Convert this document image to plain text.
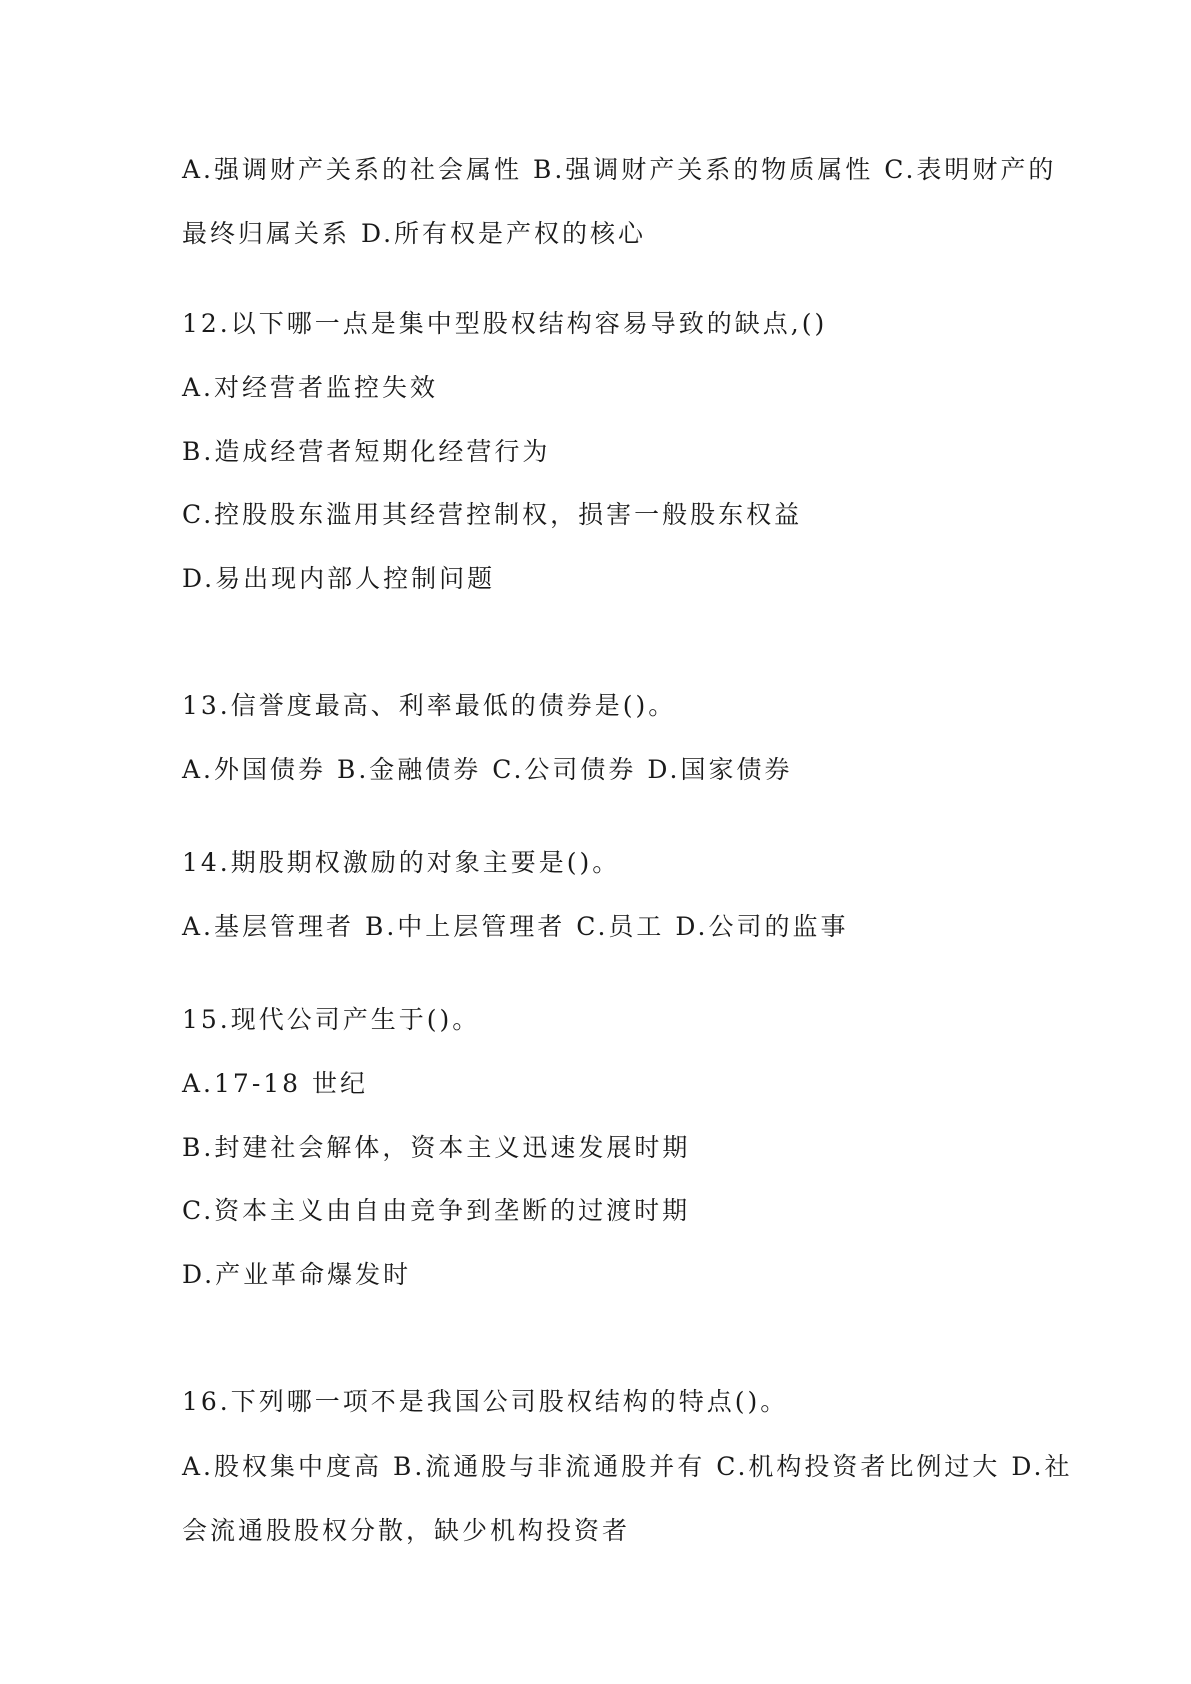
A.强调财产关系的社会属性 B.强调财产关系的物质属性 C.表明财产的
最终归属关系 D.所有权是产权的核心
12.以下哪一点是集中型股权结构容易导致的缺点,()
A.对经营者监控失效
B.造成经营者短期化经营行为
C.控股股东滥用其经营控制权，损害一般股东权益
D.易出现内部人控制问题
13.信誉度最高、利率最低的债券是()。
A.外国债券 B.金融债券 C.公司债券 D.国家债券
14.期股期权激励的对象主要是()。
A.基层管理者 B.中上层管理者 C.员工 D.公司的监事
15.现代公司产生于()。
A.17-18 世纪
B.封建社会解体，资本主义迅速发展时期
C.资本主义由自由竞争到垄断的过渡时期
D.产业革命爆发时
16.下列哪一项不是我国公司股权结构的特点()。
A.股权集中度高 B.流通股与非流通股并有 C.机构投资者比例过大 D.社
会流通股股权分散，缺少机构投资者
